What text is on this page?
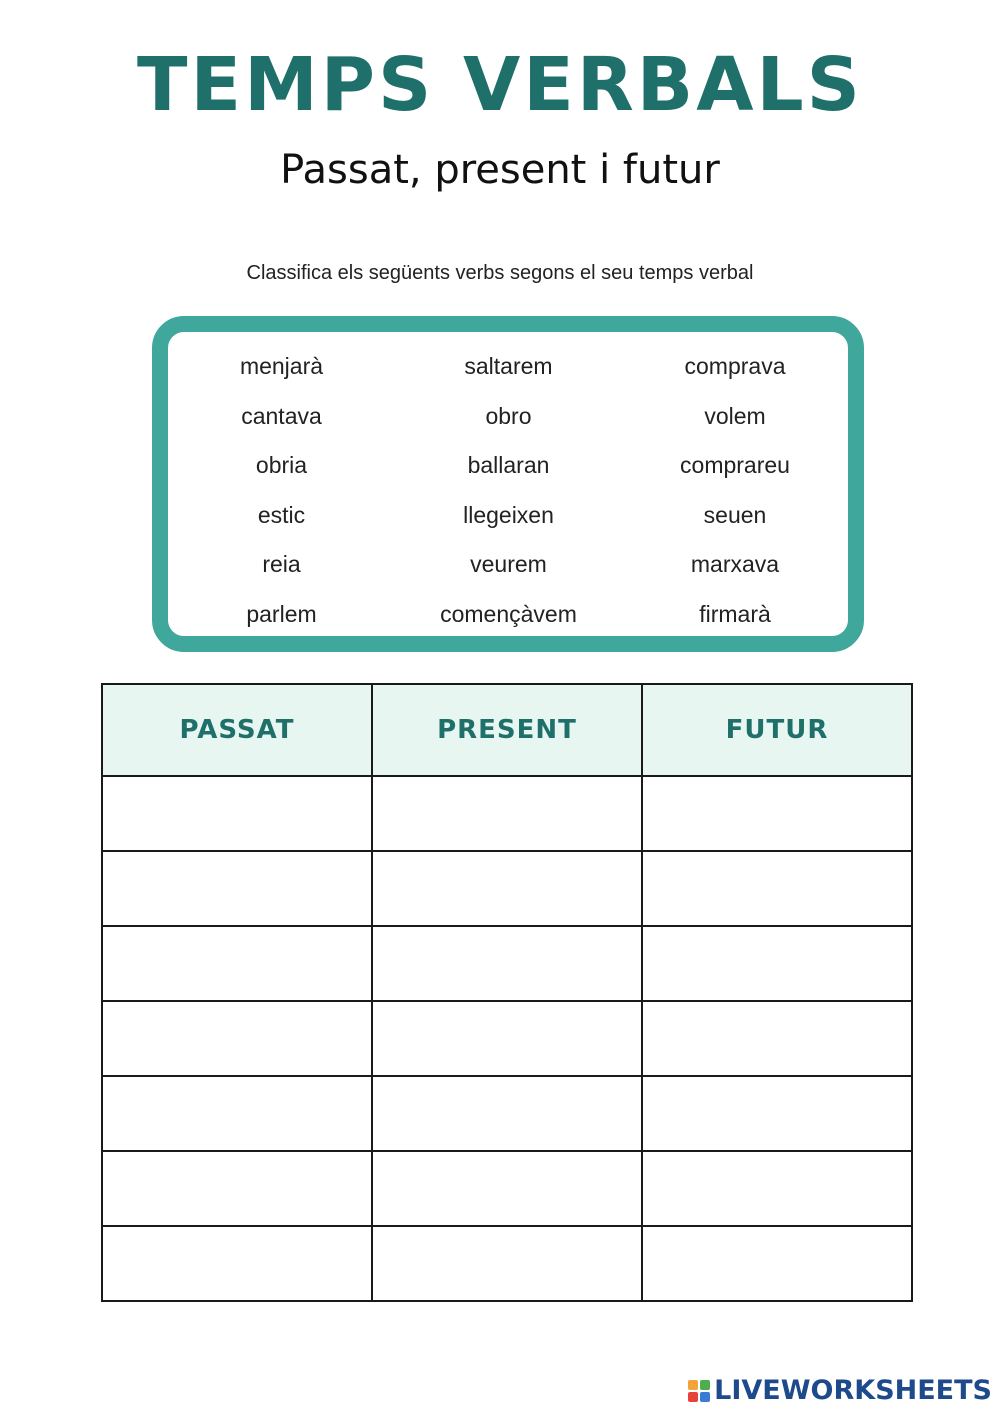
TEMPS VERBALS
Passat, present i futur
Classifica els següents verbs segons el seu temps verbal
menjarà	saltarem	comprava
cantava	obro	volem
obria	ballaran	comprareu
estic	llegeixen	seuen
reia	veurem	marxava
parlem	començàvem	firmarà
PASSAT	PRESENT	FUTUR

LIVEWORKSHEETS
